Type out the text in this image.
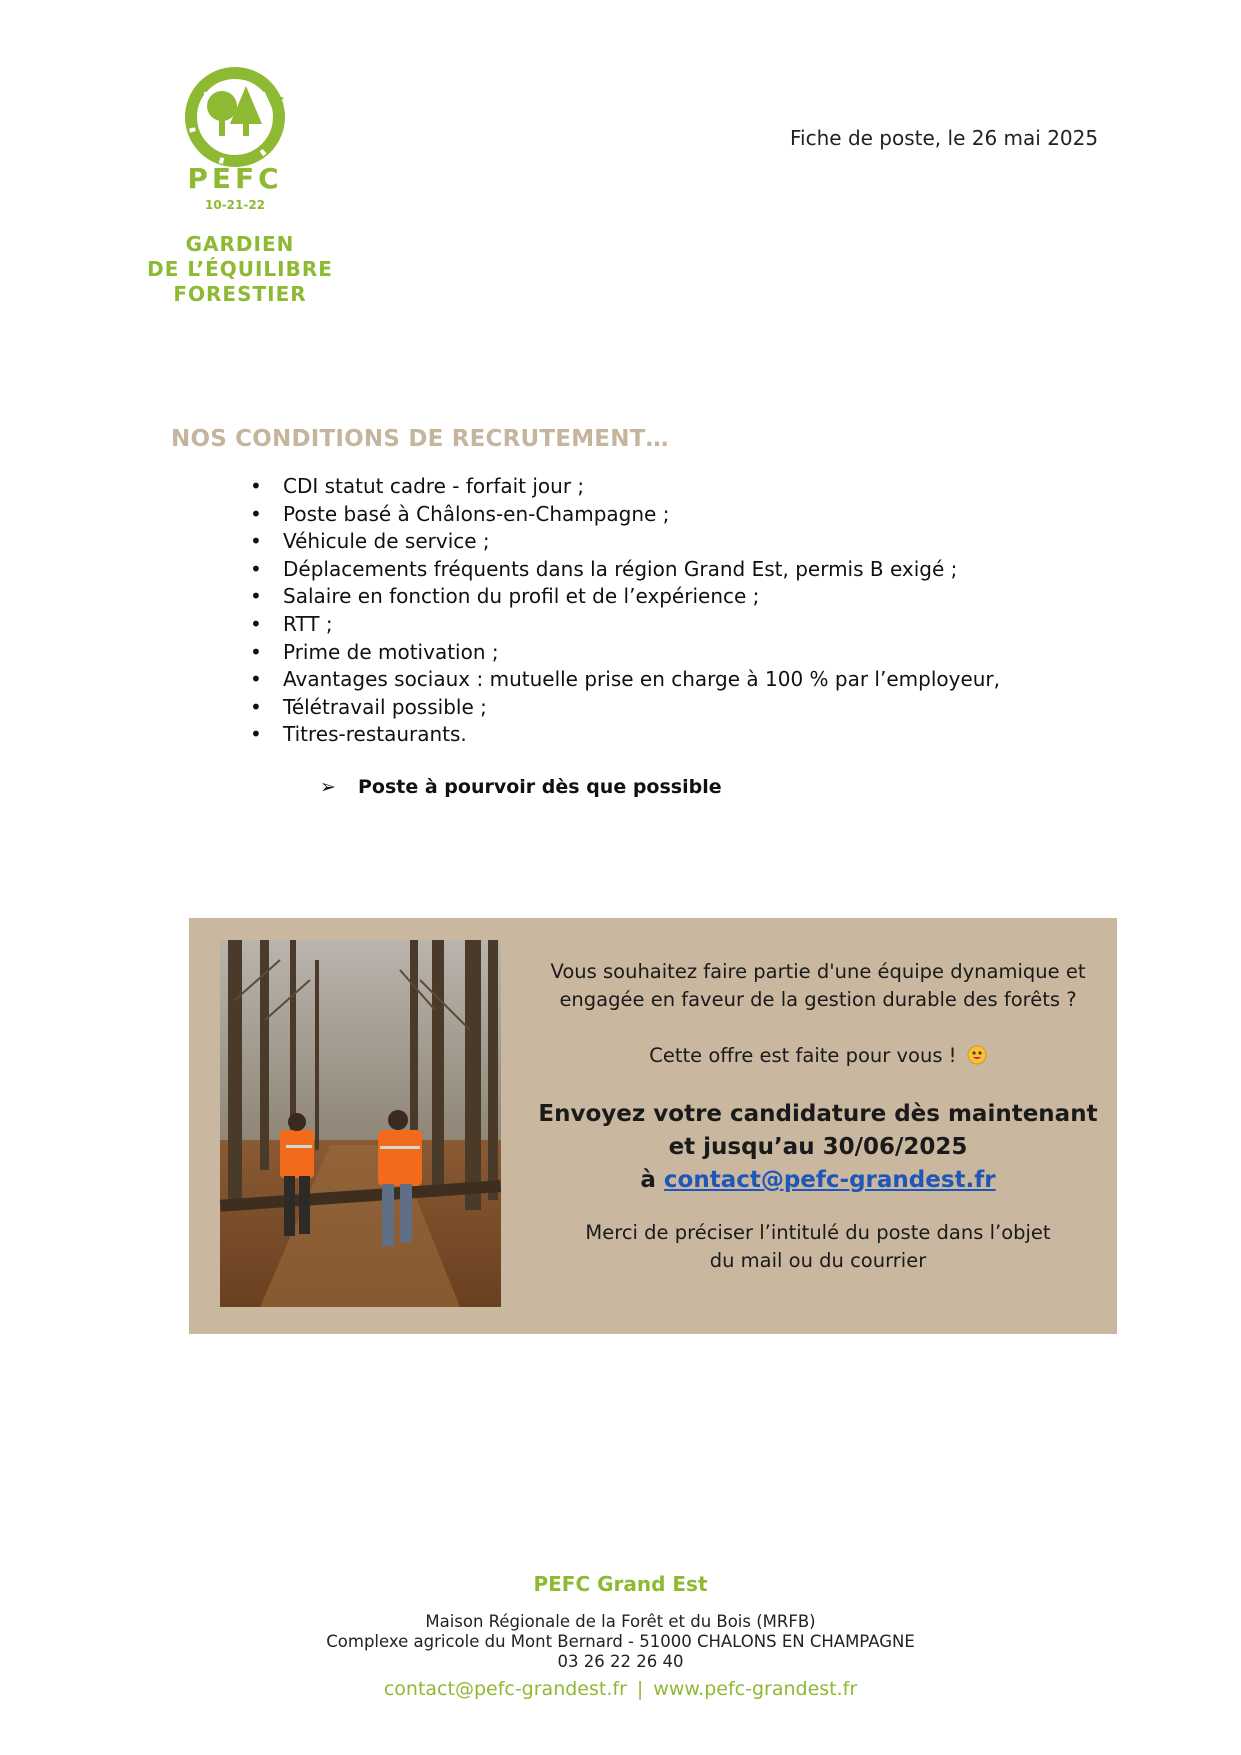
PEFC
10-21-22
GARDIEN
DE L’ÉQUILIBRE
FORESTIER
Fiche de poste, le 26 mai 2025
NOS CONDITIONS DE RECRUTEMENT…
• CDI statut cadre - forfait jour ;
• Poste basé à Châlons-en-Champagne ;
• Véhicule de service ;
• Déplacements fréquents dans la région Grand Est, permis B exigé ;
• Salaire en fonction du profil et de l’expérience ;
• RTT ;
• Prime de motivation ;
• Avantages sociaux : mutuelle prise en charge à 100 % par l’employeur,
• Télétravail possible ;
• Titres-restaurants.
➢ Poste à pourvoir dès que possible
Vous souhaitez faire partie d'une équipe dynamique et
engagée en faveur de la gestion durable des forêts ?
Cette offre est faite pour vous !
Envoyez votre candidature dès maintenant
et jusqu’au 30/06/2025
à contact@pefc-grandest.fr
Merci de préciser l’intitulé du poste dans l’objet
du mail ou du courrier
PEFC Grand Est
Maison Régionale de la Forêt et du Bois (MRFB)
Complexe agricole du Mont Bernard - 51000 CHALONS EN CHAMPAGNE
03 26 22 26 40
contact@pefc-grandest.fr | www.pefc-grandest.fr
